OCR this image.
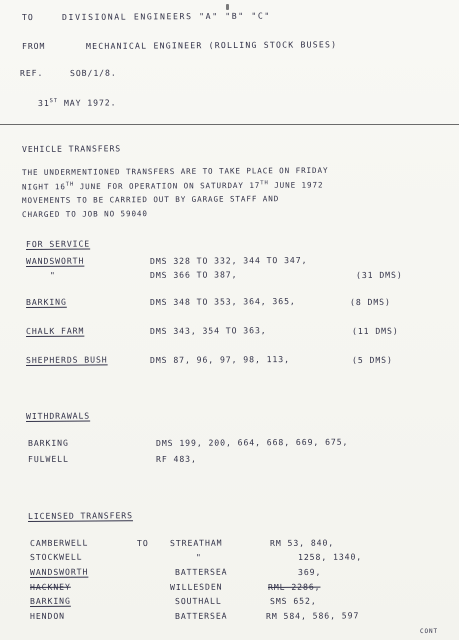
TO	DIVISIONAL ENGINEERS "A" "B" "C"
FROM	MECHANICAL ENGINEER (ROLLING STOCK BUSES)
REF.	SOB/1/8.
31ST MAY 1972.
VEHICLE TRANSFERS
THE UNDERMENTIONED TRANSFERS ARE TO TAKE PLACE ON FRIDAY
NIGHT 16TH JUNE FOR OPERATION ON SATURDAY 17TH JUNE 1972
MOVEMENTS TO BE CARRIED OUT BY GARAGE STAFF AND
CHARGED TO JOB NO 59040
FOR SERVICE
WANDSWORTH	DMS 328 TO 332, 344 TO 347,
"	DMS 366 TO 387,	(31 DMS)
BARKING	DMS 348 TO 353, 364, 365,	(8 DMS)
CHALK FARM	DMS 343, 354 TO 363,	(11 DMS)
SHEPHERDS BUSH	DMS 87, 96, 97, 98, 113,	(5 DMS)
WITHDRAWALS
BARKING	DMS 199, 200, 664, 668, 669, 675,
FULWELL	RF 483,
LICENSED TRANSFERS
CAMBERWELL	TO	STREATHAM	RM 53, 840,
STOCKWELL	"	1258, 1340,
WANDSWORTH	BATTERSEA	369,
HACKNEY	WILLESDEN	RML 2286,
BARKING	SOUTHALL	SMS 652,
HENDON	BATTERSEA	RM 584, 586, 597
CONT
